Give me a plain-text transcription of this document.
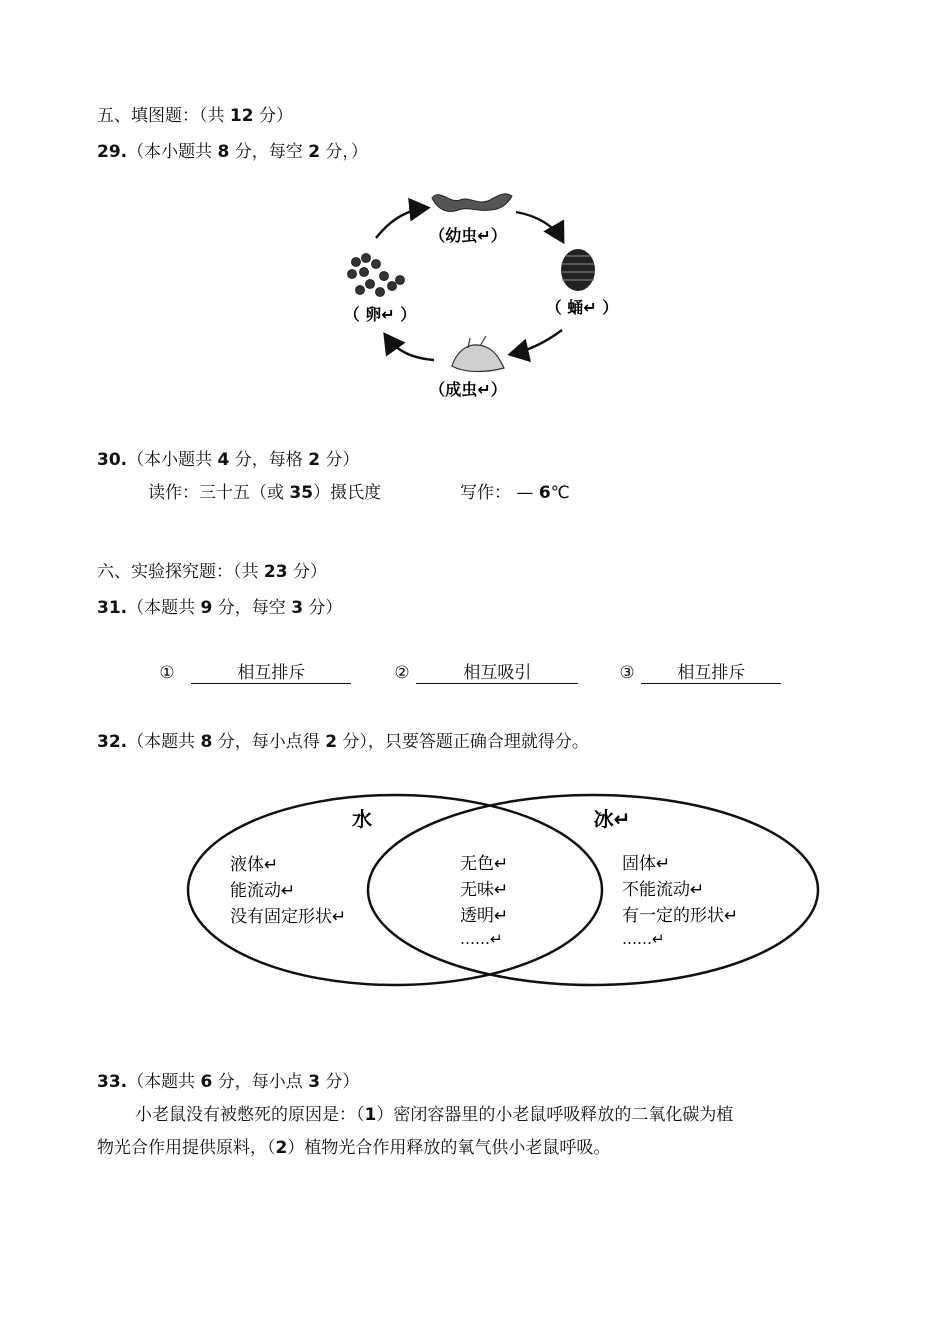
五、填图题：（共 12 分）
29.（本小题共 8 分，每空 2 分，）
（幼虫↵）
（ 蛹↵ ）
（ 卵↵ ）
（成虫↵）
30.（本小题共 4 分，每格 2 分）
读作：三十五（或 35）摄氏度	写作： — 6℃
六、实验探究题：（共 23 分）
31.（本题共 9 分，每空 3 分）
①	相互排斥	②	相互吸引	③	相互排斥
32.（本题共 8 分，每小点得 2 分），只要答题正确合理就得分。
水	冰↵
液体↵
能流动↵
没有固定形状↵
无色↵
无味↵
透明↵
……↵
固体↵
不能流动↵
有一定的形状↵
……↵
33.（本题共 6 分，每小点 3 分）
小老鼠没有被憋死的原因是：（1）密闭容器里的小老鼠呼吸释放的二氧化碳为植
物光合作用提供原料，（2）植物光合作用释放的氧气供小老鼠呼吸。
